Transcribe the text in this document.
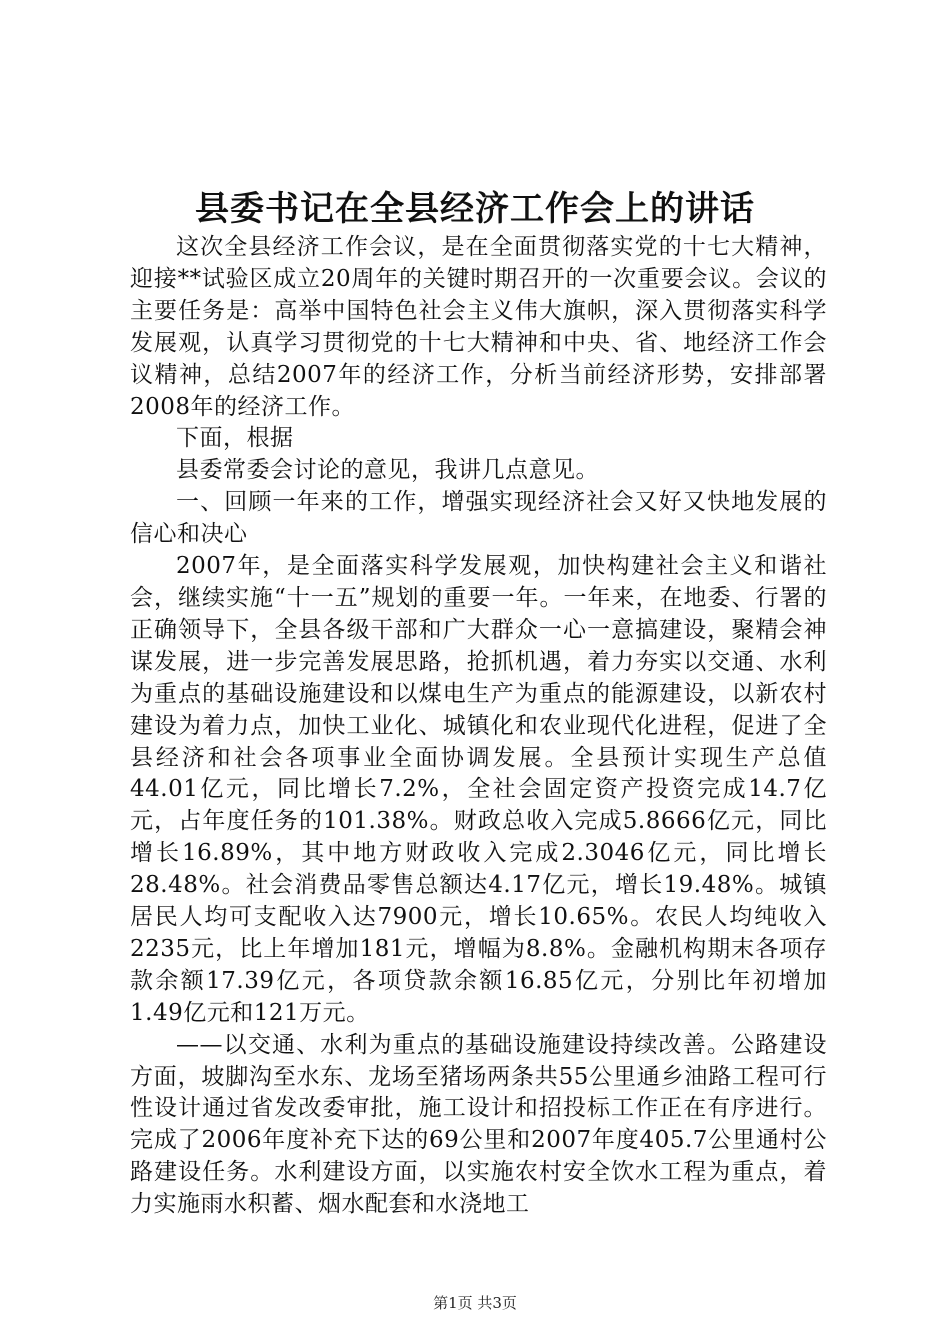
县委书记在全县经济工作会上的讲话

这次全县经济工作会议，是在全面贯彻落实党的十七大精神，迎接**试验区成立20周年的关键时期召开的一次重要会议。会议的主要任务是：高举中国特色社会主义伟大旗帜，深入贯彻落实科学发展观，认真学习贯彻党的十七大精神和中央、省、地经济工作会议精神，总结2007年的经济工作，分析当前经济形势，安排部署2008年的经济工作。

下面，根据

县委常委会讨论的意见，我讲几点意见。

一、回顾一年来的工作，增强实现经济社会又好又快地发展的信心和决心

2007年，是全面落实科学发展观，加快构建社会主义和谐社会，继续实施“十一五”规划的重要一年。一年来，在地委、行署的正确领导下，全县各级干部和广大群众一心一意搞建设，聚精会神谋发展，进一步完善发展思路，抢抓机遇，着力夯实以交通、水利为重点的基础设施建设和以煤电生产为重点的能源建设，以新农村建设为着力点，加快工业化、城镇化和农业现代化进程，促进了全县经济和社会各项事业全面协调发展。全县预计实现生产总值44.01亿元，同比增长7.2%，全社会固定资产投资完成14.7亿元，占年度任务的101.38%。财政总收入完成5.8666亿元，同比增长16.89%，其中地方财政收入完成2.3046亿元，同比增长28.48%。社会消费品零售总额达4.17亿元，增长19.48%。城镇居民人均可支配收入达7900元，增长10.65%。农民人均纯收入2235元，比上年增加181元，增幅为8.8%。金融机构期末各项存款余额17.39亿元，各项贷款余额16.85亿元，分别比年初增加1.49亿元和121万元。

——以交通、水利为重点的基础设施建设持续改善。公路建设方面，坡脚沟至水东、龙场至猪场两条共55公里通乡油路工程可行性设计通过省发改委审批，施工设计和招投标工作正在有序进行。完成了2006年度补充下达的69公里和2007年度405.7公里通村公路建设任务。水利建设方面，以实施农村安全饮水工程为重点，着力实施雨水积蓄、烟水配套和水浇地工

第1页 共3页
